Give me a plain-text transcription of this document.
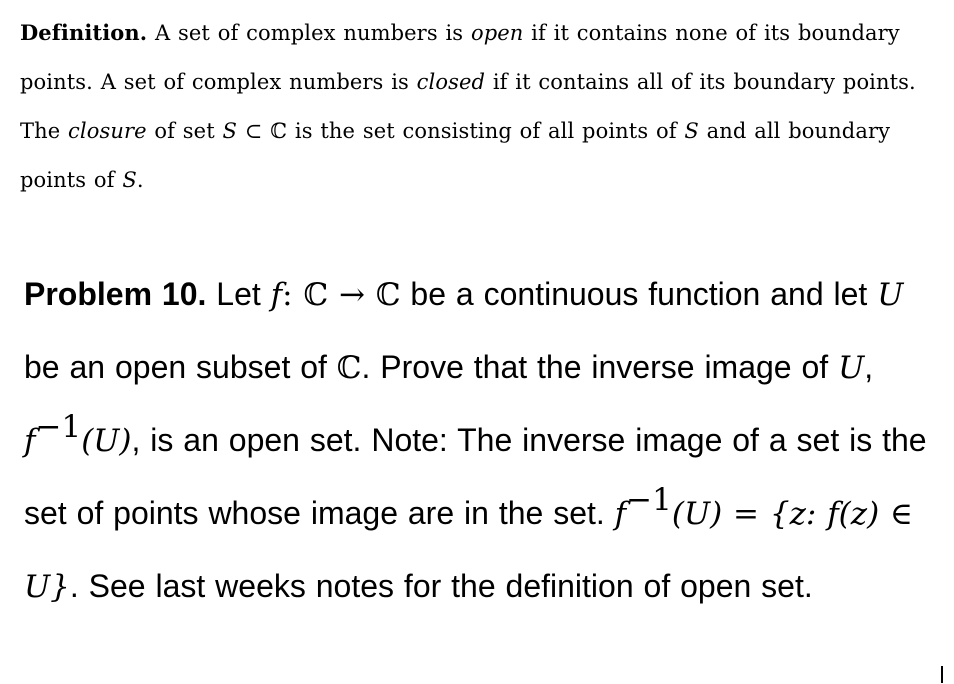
Definition. A set of complex numbers is open if it contains none of its boundary points. A set of complex numbers is closed if it contains all of its boundary points. The closure of set S ⊂ ℂ is the set consisting of all points of S and all boundary points of S.

Problem 10. Let f: ℂ → ℂ be a continuous function and let U be an open subset of ℂ. Prove that the inverse image of U, $f^{-1}(U)$, is an open set. Note: The inverse image of a set is the set of points whose image are in the set. $f^{-1}(U) = \{z$: f(z) ∈ U}. See last weeks notes for the definition of open set.
